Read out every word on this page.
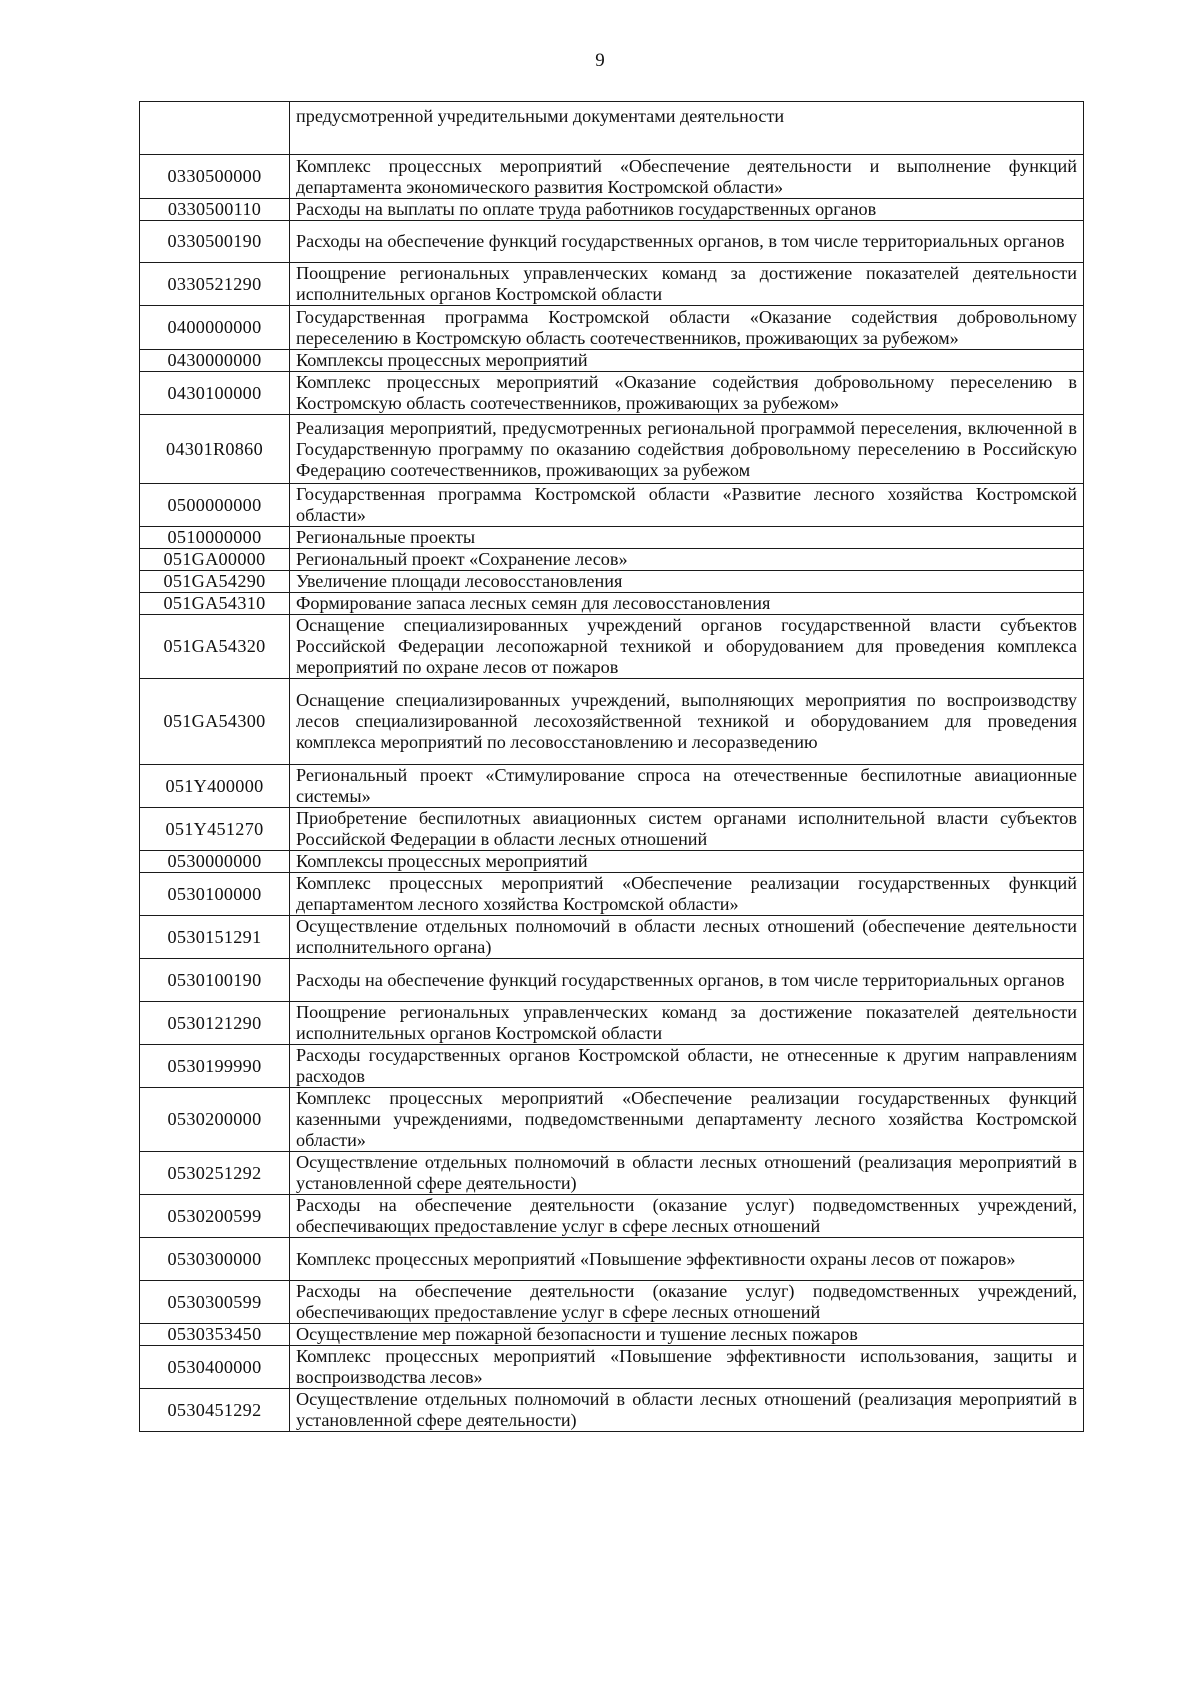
9
	предусмотренной учредительными документами деятельности
0330500000	Комплекс процессных мероприятий «Обеспечение деятельности и выполнение функций департамента экономического развития Костромской области»
0330500110	Расходы на выплаты по оплате труда работников государственных органов
0330500190	Расходы на обеспечение функций государственных органов, в том числе территориальных органов
0330521290	Поощрение региональных управленческих команд за достижение показателей деятельности исполнительных органов Костромской области
0400000000	Государственная программа Костромской области «Оказание содействия добровольному переселению в Костромскую область соотечественников, проживающих за рубежом»
0430000000	Комплексы процессных мероприятий
0430100000	Комплекс процессных мероприятий «Оказание содействия добровольному переселению в Костромскую область соотечественников, проживающих за рубежом»
04301R0860	Реализация мероприятий, предусмотренных региональной программой переселения, включенной в Государственную программу по оказанию содействия добровольному переселению в Российскую Федерацию соотечественников, проживающих за рубежом
0500000000	Государственная программа Костромской области «Развитие лесного хозяйства Костромской области»
0510000000	Региональные проекты
051GA00000	Региональный проект «Сохранение лесов»
051GA54290	Увеличение площади лесовосстановления
051GA54310	Формирование запаса лесных семян для лесовосстановления
051GA54320	Оснащение специализированных учреждений органов государственной власти субъектов Российской Федерации лесопожарной техникой и оборудованием для проведения комплекса мероприятий по охране лесов от пожаров
051GA54300	Оснащение специализированных учреждений, выполняющих мероприятия по воспроизводству лесов специализированной лесохозяйственной техникой и оборудованием для проведения комплекса мероприятий по лесовосстановлению и лесоразведению
051Y400000	Региональный проект «Стимулирование спроса на отечественные беспилотные авиационные системы»
051Y451270	Приобретение беспилотных авиационных систем органами исполнительной власти субъектов Российской Федерации в области лесных отношений
0530000000	Комплексы процессных мероприятий
0530100000	Комплекс процессных мероприятий «Обеспечение реализации государственных функций департаментом лесного хозяйства Костромской области»
0530151291	Осуществление отдельных полномочий в области лесных отношений (обеспечение деятельности исполнительного органа)
0530100190	Расходы на обеспечение функций государственных органов, в том числе территориальных органов
0530121290	Поощрение региональных управленческих команд за достижение показателей деятельности исполнительных органов Костромской области
0530199990	Расходы государственных органов Костромской области, не отнесенные к другим направлениям расходов
0530200000	Комплекс процессных мероприятий «Обеспечение реализации государственных функций казенными учреждениями, подведомственными департаменту лесного хозяйства Костромской области»
0530251292	Осуществление отдельных полномочий в области лесных отношений (реализация мероприятий в установленной сфере деятельности)
0530200599	Расходы на обеспечение деятельности (оказание услуг) подведомственных учреждений, обеспечивающих предоставление услуг в сфере лесных отношений
0530300000	Комплекс процессных мероприятий «Повышение эффективности охраны лесов от пожаров»
0530300599	Расходы на обеспечение деятельности (оказание услуг) подведомственных учреждений, обеспечивающих предоставление услуг в сфере лесных отношений
0530353450	Осуществление мер пожарной безопасности и тушение лесных пожаров
0530400000	Комплекс процессных мероприятий «Повышение эффективности использования, защиты и воспроизводства лесов»
0530451292	Осуществление отдельных полномочий в области лесных отношений (реализация мероприятий в установленной сфере деятельности)
